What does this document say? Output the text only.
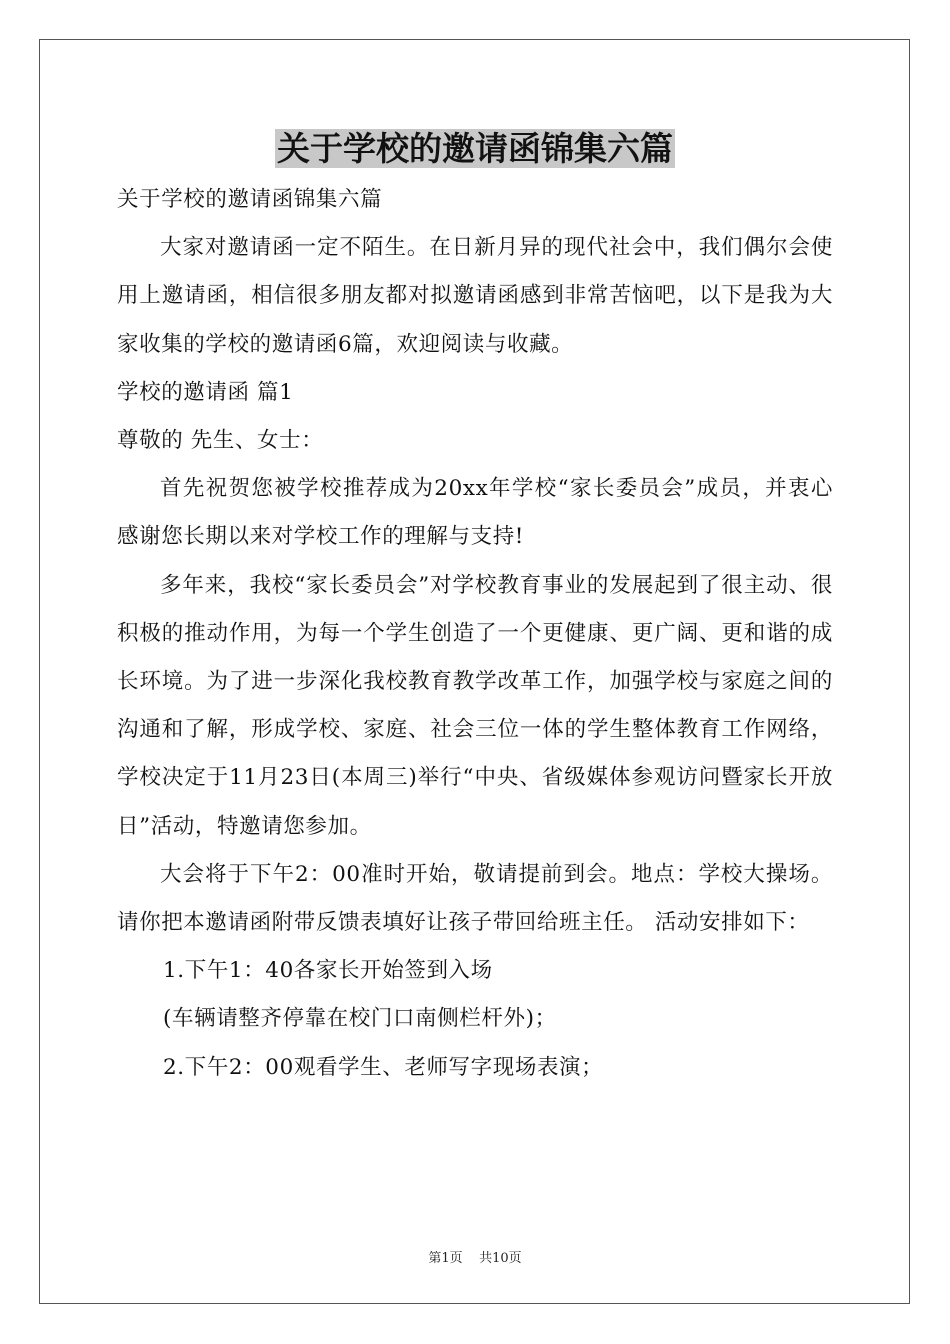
关于学校的邀请函锦集六篇

关于学校的邀请函锦集六篇

大家对邀请函一定不陌生。在日新月异的现代社会中，我们偶尔会使用上邀请函，相信很多朋友都对拟邀请函感到非常苦恼吧，以下是我为大家收集的学校的邀请函6篇，欢迎阅读与收藏。

学校的邀请函 篇1

尊敬的 先生、女士：

首先祝贺您被学校推荐成为20xx年学校“家长委员会”成员，并衷心感谢您长期以来对学校工作的理解与支持!

多年来，我校“家长委员会”对学校教育事业的发展起到了很主动、很积极的推动作用，为每一个学生创造了一个更健康、更广阔、更和谐的成长环境。为了进一步深化我校教育教学改革工作，加强学校与家庭之间的沟通和了解，形成学校、家庭、社会三位一体的学生整体教育工作网络，学校决定于11月23日(本周三)举行“中央、省级媒体参观访问暨家长开放日”活动，特邀请您参加。

大会将于下午2：00准时开始，敬请提前到会。地点：学校大操场。请你把本邀请函附带反馈表填好让孩子带回给班主任。 活动安排如下：

1.下午1：40各家长开始签到入场

(车辆请整齐停靠在校门口南侧栏杆外)；

2.下午2：00观看学生、老师写字现场表演；

第1页 共10页
